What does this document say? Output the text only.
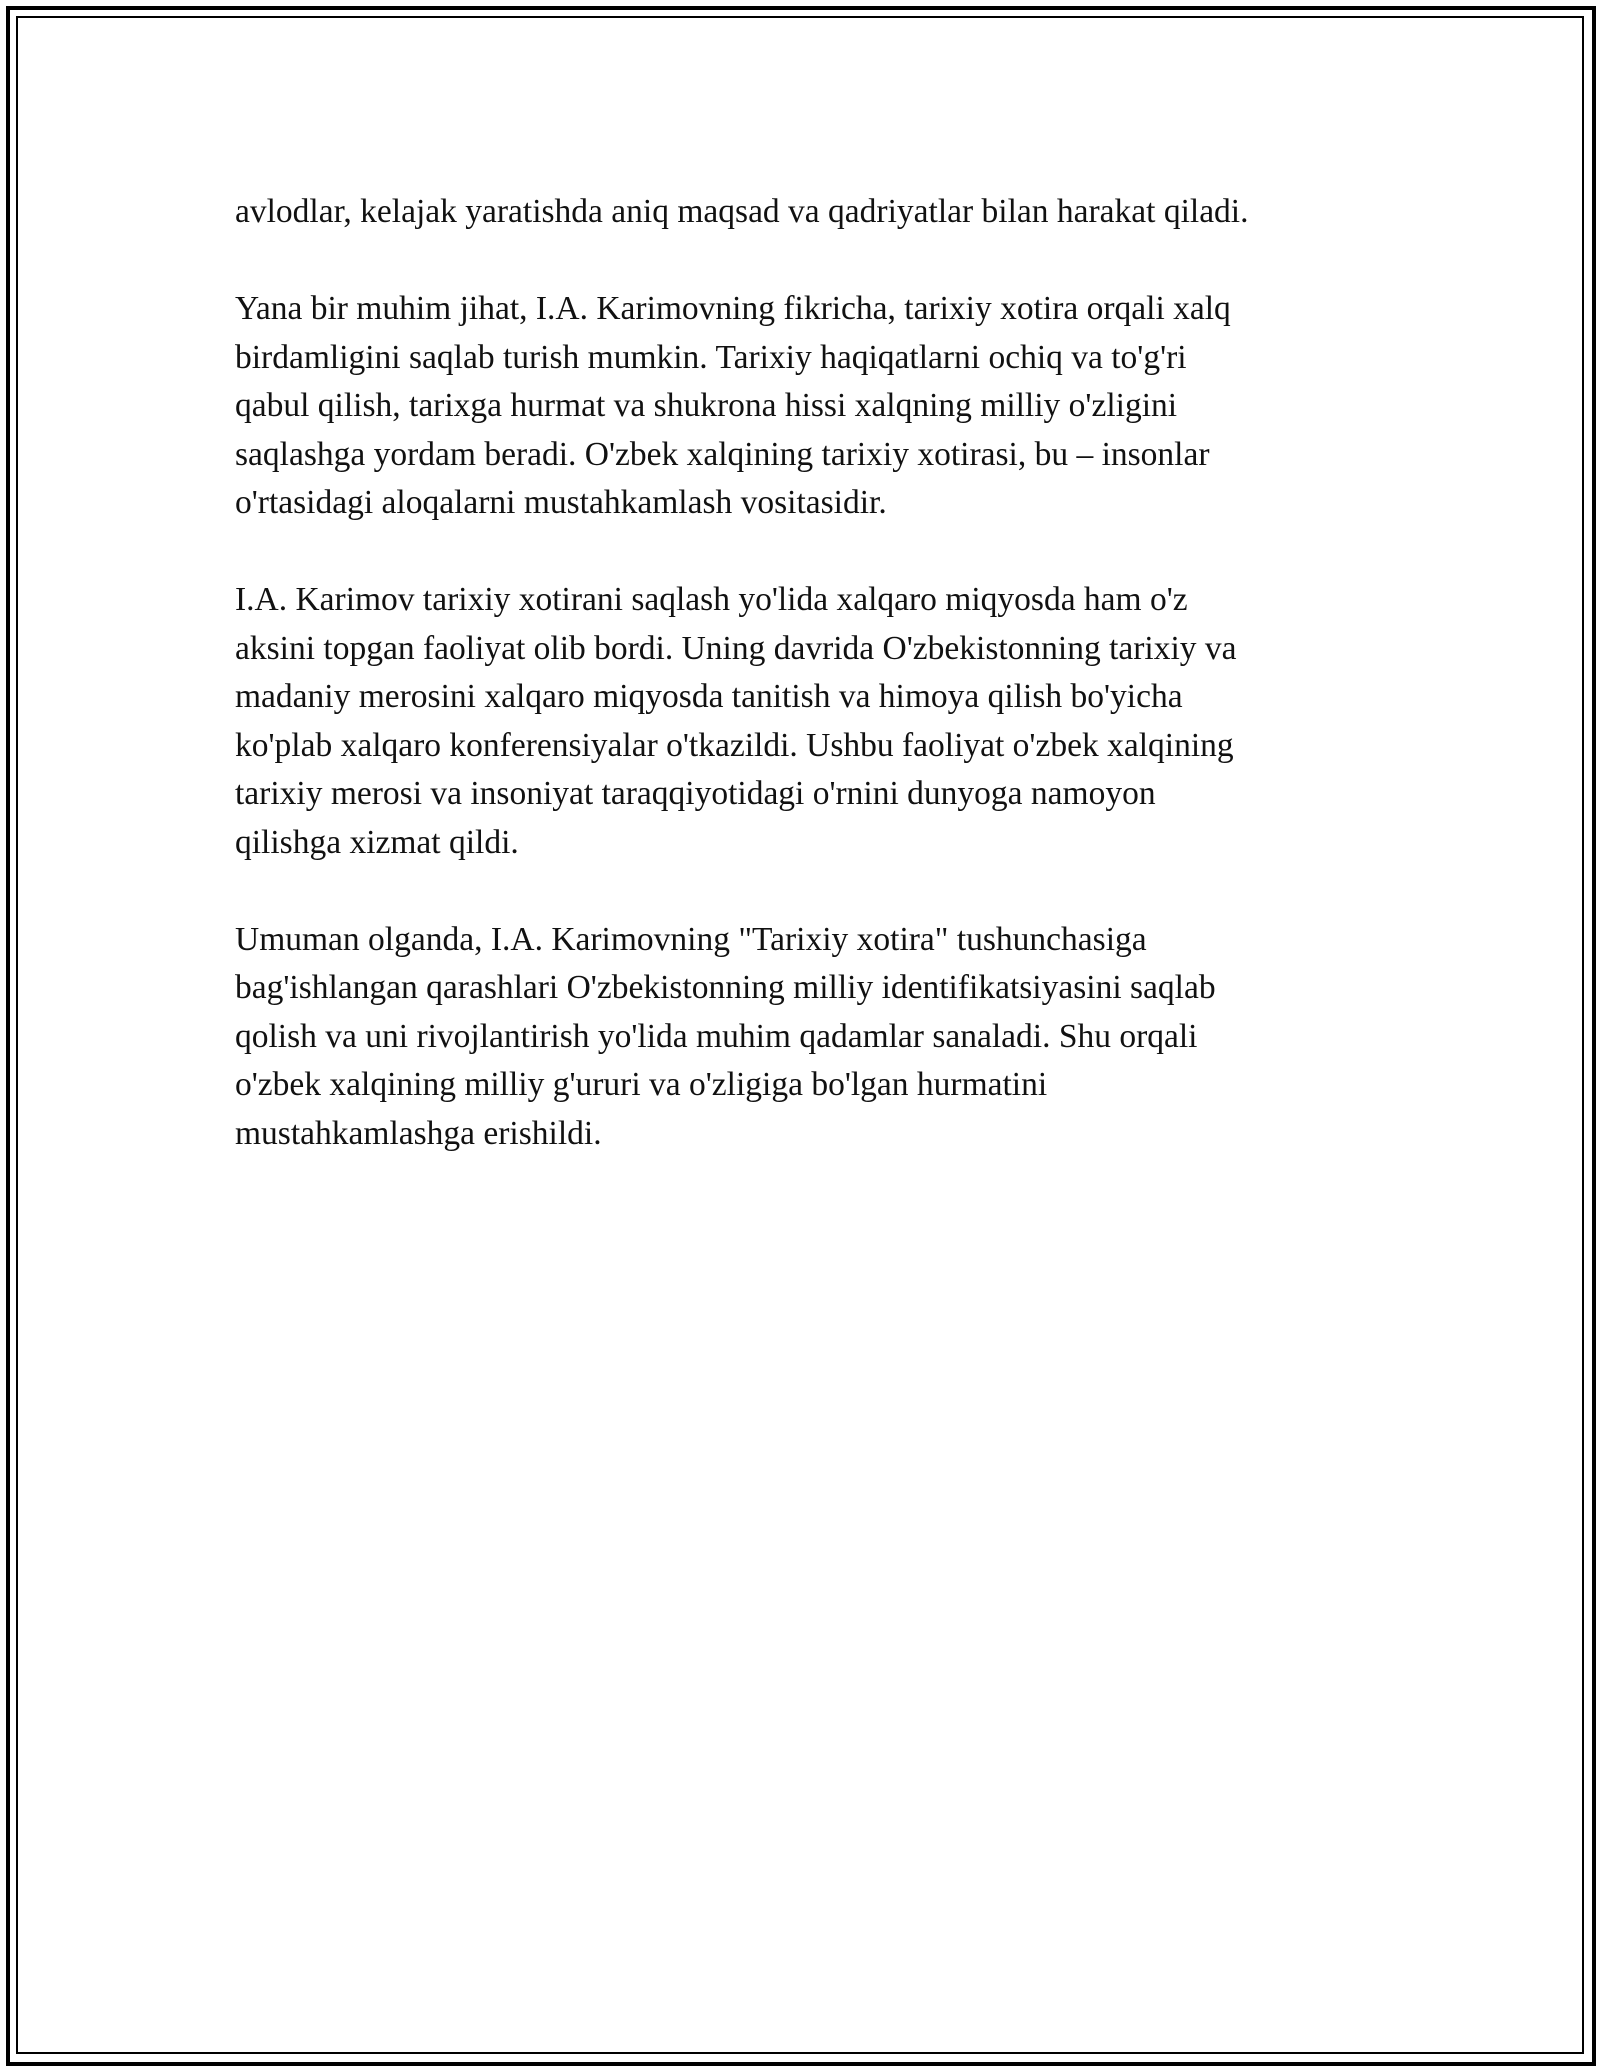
avlodlar, kelajak yaratishda aniq maqsad va qadriyatlar bilan harakat qiladi.

Yana bir muhim jihat, I.A. Karimovning fikricha, tarixiy xotira orqali xalq
birdamligini saqlab turish mumkin. Tarixiy haqiqatlarni ochiq va to'g'ri
qabul qilish, tarixga hurmat va shukrona hissi xalqning milliy o'zligini
saqlashga yordam beradi. O'zbek xalqining tarixiy xotirasi, bu – insonlar
o'rtasidagi aloqalarni mustahkamlash vositasidir.

I.A. Karimov tarixiy xotirani saqlash yo'lida xalqaro miqyosda ham o'z
aksini topgan faoliyat olib bordi. Uning davrida O'zbekistonning tarixiy va
madaniy merosini xalqaro miqyosda tanitish va himoya qilish bo'yicha
ko'plab xalqaro konferensiyalar o'tkazildi. Ushbu faoliyat o'zbek xalqining
tarixiy merosi va insoniyat taraqqiyotidagi o'rnini dunyoga namoyon
qilishga xizmat qildi.

Umuman olganda, I.A. Karimovning "Tarixiy xotira" tushunchasiga
bag'ishlangan qarashlari O'zbekistonning milliy identifikatsiyasini saqlab
qolish va uni rivojlantirish yo'lida muhim qadamlar sanaladi. Shu orqali
o'zbek xalqining milliy g'ururi va o'zligiga bo'lgan hurmatini
mustahkamlashga erishildi.
